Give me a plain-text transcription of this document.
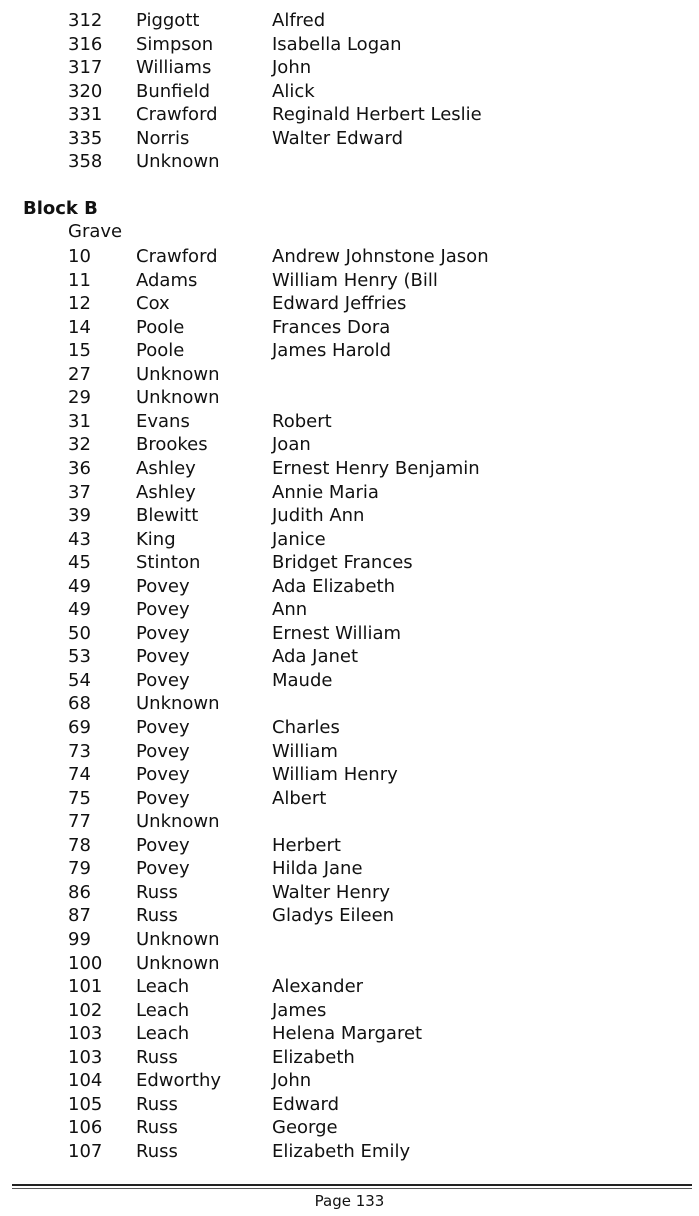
312 Piggott	Alfred
316 Simpson	Isabella Logan
317 Williams	John
320 Bunfield	Alick
331 Crawford	Reginald Herbert Leslie
335 Norris	Walter Edward
358 Unknown
Block B
Grave
10	Crawford	Andrew Johnstone Jason
11	Adams	William Henry (Bill
12	Cox	Edward Jeffries
14	Poole	Frances Dora
15	Poole	James Harold
27	Unknown
29	Unknown
31	Evans	Robert
32	Brookes	Joan
36	Ashley	Ernest Henry Benjamin
37	Ashley	Annie Maria
39	Blewitt	Judith Ann
43	King	Janice
45	Stinton	Bridget Frances
49	Povey	Ada Elizabeth
49	Povey	Ann
50	Povey	Ernest William
53	Povey	Ada Janet
54	Povey	Maude
68	Unknown
69	Povey	Charles
73	Povey	William
74	Povey	William Henry
75	Povey	Albert
77	Unknown
78	Povey	Herbert
79	Povey	Hilda Jane
86	Russ	Walter Henry
87	Russ	Gladys Eileen
99	Unknown
100 Unknown
101 Leach	Alexander
102 Leach	James
103 Leach	Helena Margaret
103 Russ	Elizabeth
104 Edworthy	John
105 Russ	Edward
106 Russ	George
107 Russ	Elizabeth Emily
Page 133
